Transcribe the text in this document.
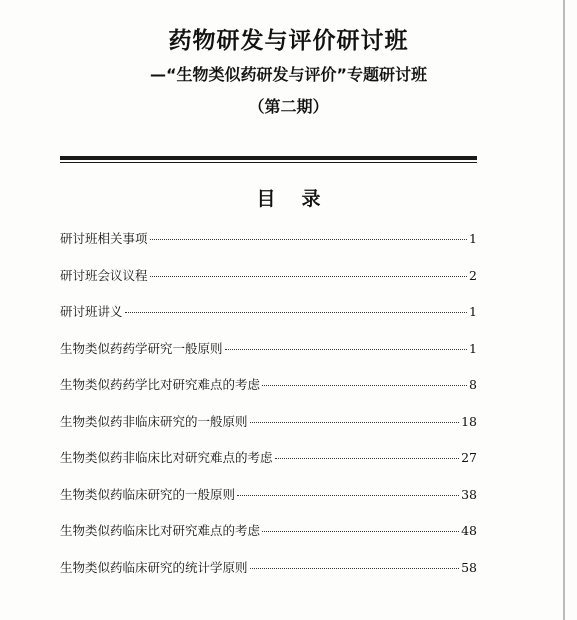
药物研发与评价研讨班
—“生物类似药研发与评价”专题研讨班
（第二期）
目录
研讨班相关事项	1
研讨班会议议程	2
研讨班讲义	1
生物类似药药学研究一般原则	1
生物类似药药学比对研究难点的考虑	8
生物类似药非临床研究的一般原则	18
生物类似药非临床比对研究难点的考虑	27
生物类似药临床研究的一般原则	38
生物类似药临床比对研究难点的考虑	48
生物类似药临床研究的统计学原则	58
